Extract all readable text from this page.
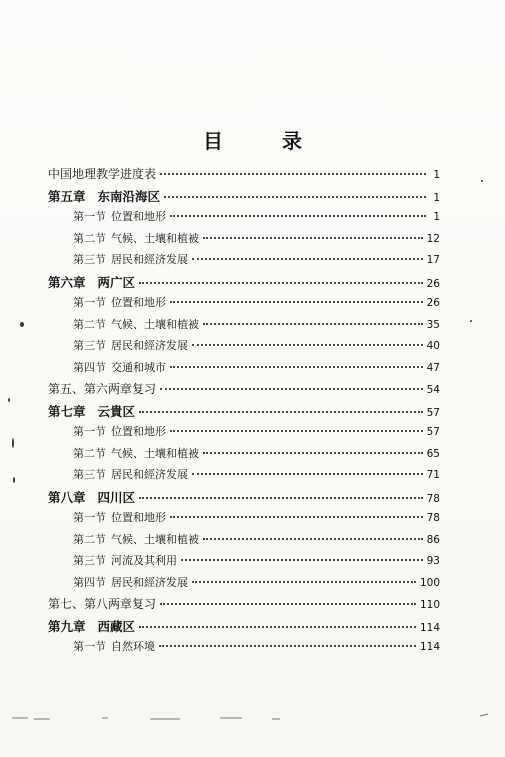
目 录
中国地理教学进度表	1
第五章 东南沿海区	1
第一节 位置和地形	1
第二节 气候、土壤和植被	12
第三节 居民和經济发展	17
第六章 两广区	26
第一节 位置和地形	26
第二节 气候、土壤和植被	35
第三节 居民和經济发展	40
第四节 交通和城市	47
第五、第六两章复习	54
第七章 云貴区	57
第一节 位置和地形	57
第二节 气候、土壤和植被	65
第三节 居民和經济发展	71
第八章 四川区	78
第一节 位置和地形	78
第二节 气候、土壤和植被	86
第三节 河流及其利用	93
第四节 居民和經济发展	100
第七、第八两章复习	110
第九章 西藏区	114
第一节 自然环境	114
